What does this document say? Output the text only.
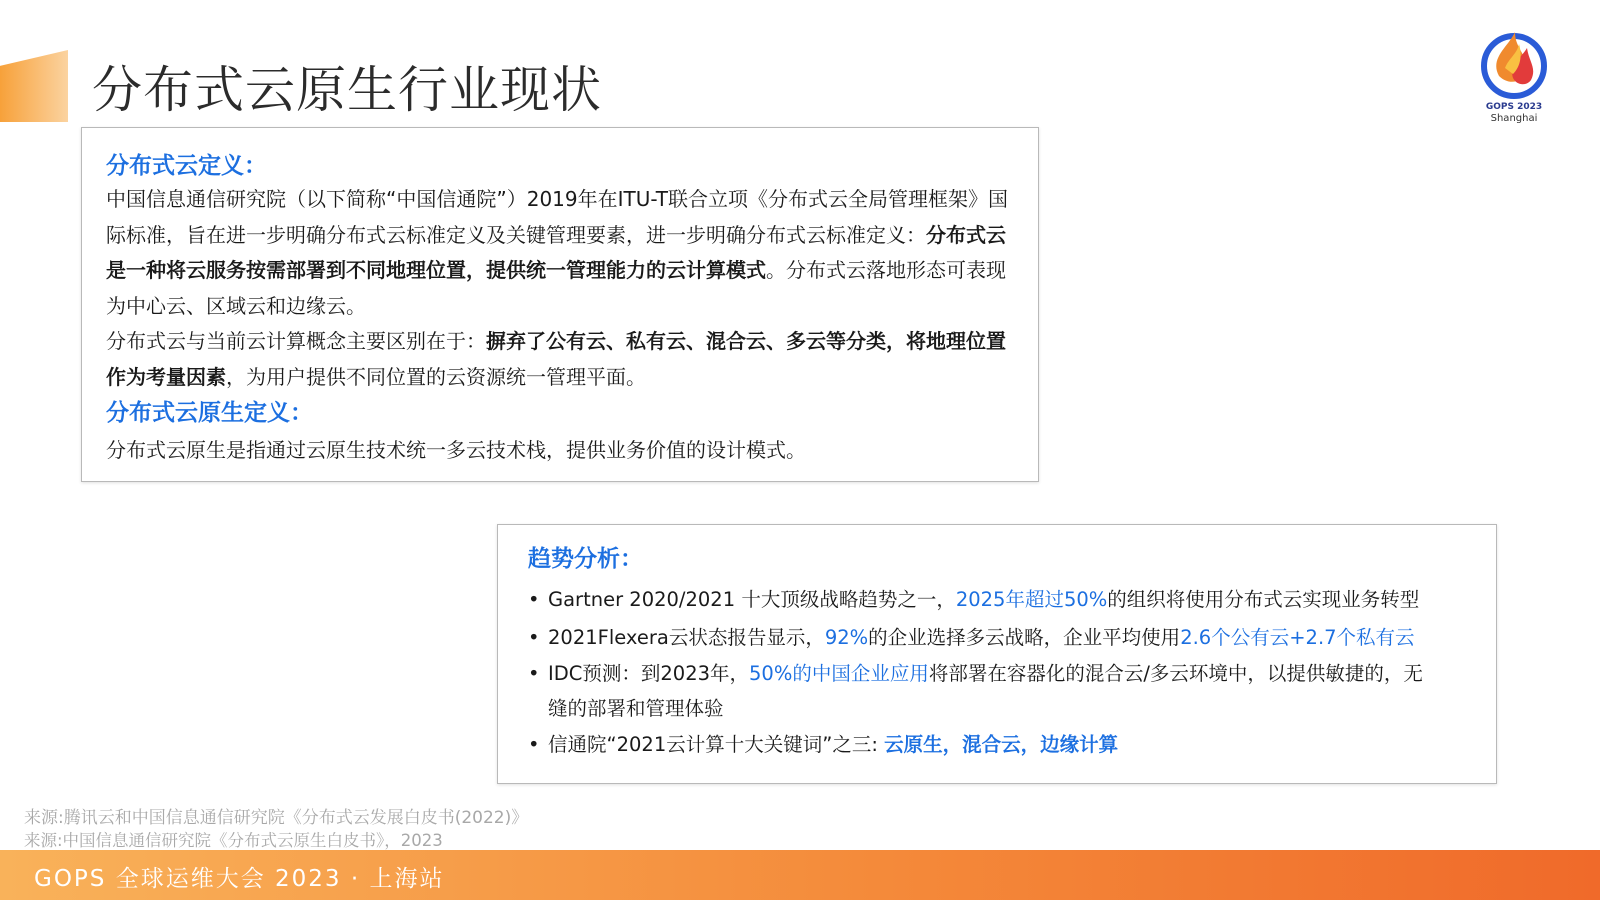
分布式云原生行业现状	GOPS 2023
Shanghai
分布式云定义：
中国信息通信研究院（以下简称“中国信通院”）2019年在ITU-T联合立项《分布式云全局管理框架》国际标准，旨在进一步明确分布式云标准定义及关键管理要素，进一步明确分布式云标准定义：分布式云是一种将云服务按需部署到不同地理位置，提供统一管理能力的云计算模式。分布式云落地形态可表现为中心云、区域云和边缘云。
分布式云与当前云计算概念主要区别在于：摒弃了公有云、私有云、混合云、多云等分类，将地理位置作为考量因素，为用户提供不同位置的云资源统一管理平面。
分布式云原生定义：
分布式云原生是指通过云原生技术统一多云技术栈，提供业务价值的设计模式。
趋势分析：
• Gartner 2020/2021 十大顶级战略趋势之一，2025年超过50%的组织将使用分布式云实现业务转型
• 2021Flexera云状态报告显示，92%的企业选择多云战略，企业平均使用2.6个公有云+2.7个私有云
• IDC预测：到2023年，50%的中国企业应用将部署在容器化的混合云/多云环境中，以提供敏捷的，无缝的部署和管理体验
• 信通院“2021云计算十大关键词”之三: 云原生，混合云，边缘计算
来源:腾讯云和中国信息通信研究院《分布式云发展白皮书(2022)》
来源:中国信息通信研究院《分布式云原生白皮书》，2023
GOPS 全球运维大会 2023 · 上海站
